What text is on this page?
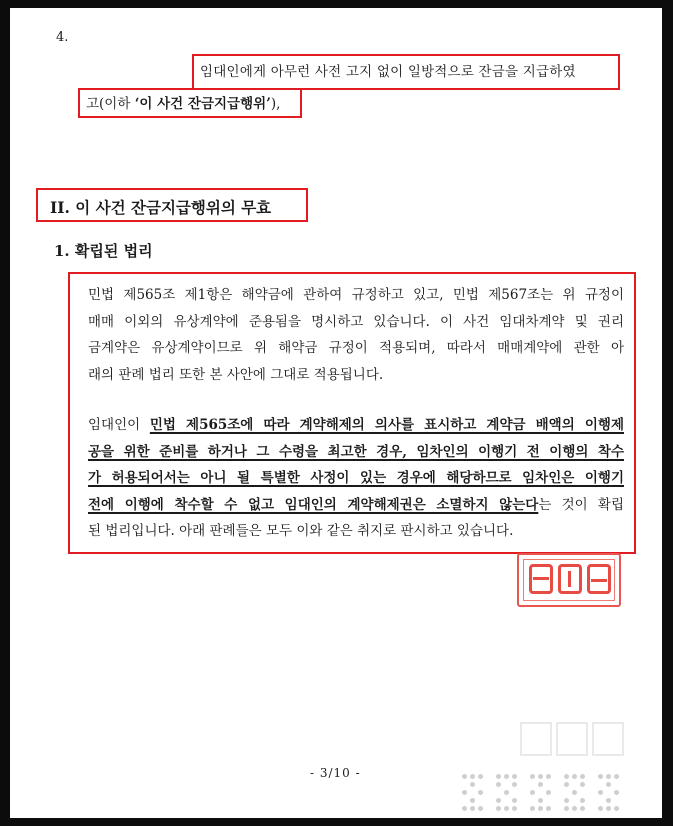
4.
임대인에게 아무런 사전 고지 없이 일방적으로 잔금을 지급하였
고(이하 ‘이 사건 잔금지급행위’),
II. 이 사건 잔금지급행위의 무효
1. 확립된 법리
민법 제565조 제1항은 해약금에 관하여 규정하고 있고, 민법 제567조는 위 규정이
매매 이외의 유상계약에 준용됨을 명시하고 있습니다. 이 사건 임대차계약 및 권리
금계약은 유상계약이므로 위 해약금 규정이 적용되며, 따라서 매매계약에 관한 아
래의 판례 법리 또한 본 사안에 그대로 적용됩니다.
임대인이 민법 제565조에 따라 계약해제의 의사를 표시하고 계약금 배액의 이행제
공을 위한 준비를 하거나 그 수령을 최고한 경우, 임차인의 이행기 전 이행의 착수
가 허용되어서는 아니 될 특별한 사정이 있는 경우에 해당하므로 임차인은 이행기
전에 이행에 착수할 수 없고 임대인의 계약해제권은 소멸하지 않는다는 것이 확립
된 법리입니다. 아래 판례들은 모두 이와 같은 취지로 판시하고 있습니다.
- 3/10 -
